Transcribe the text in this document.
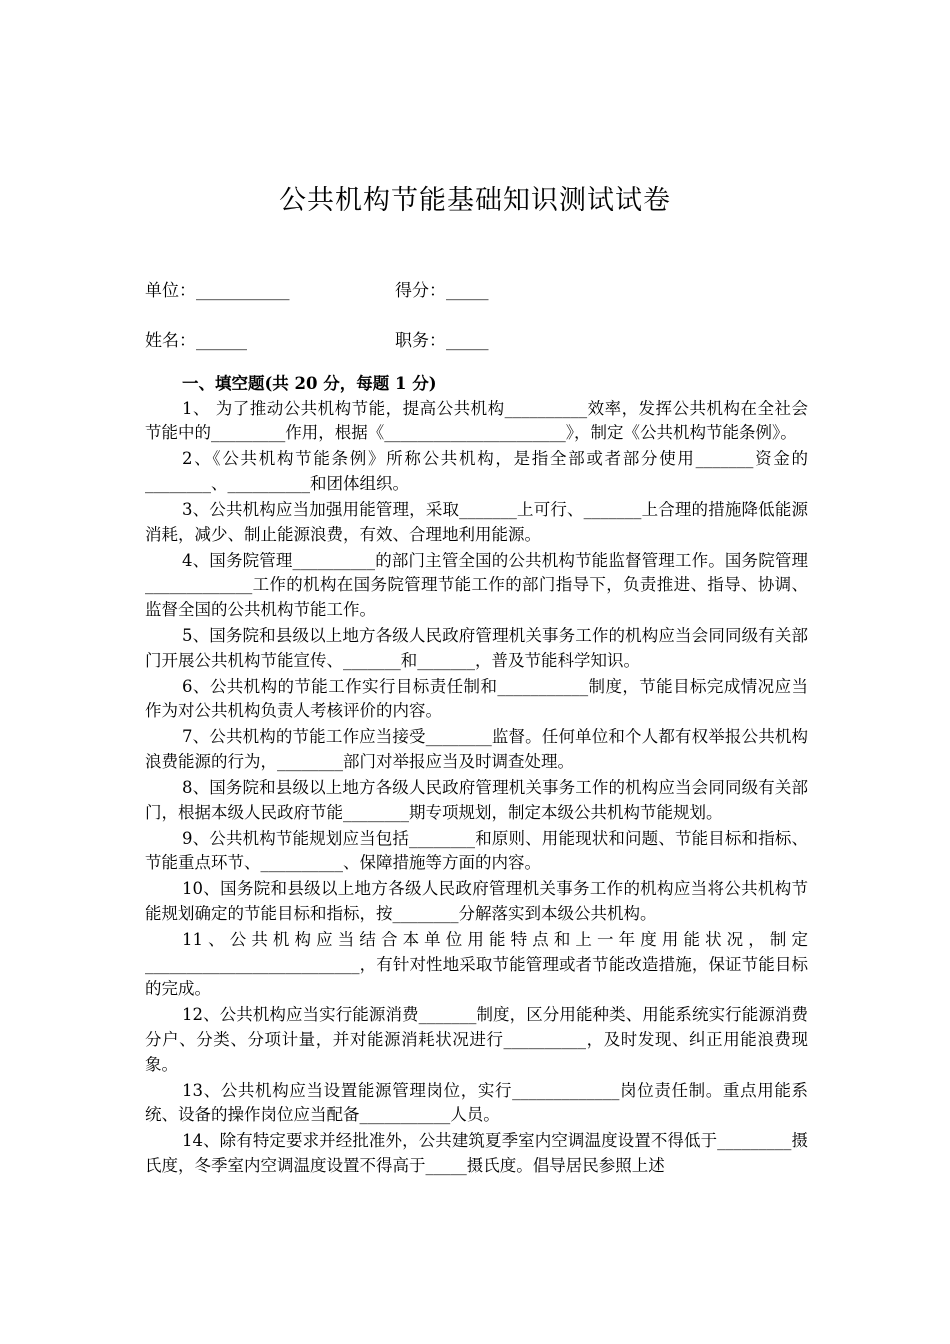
公共机构节能基础知识测试试卷
单位：___________	得分：_____
姓名：______	职务：_____

一、填空题(共 20 分，每题 1 分)

1、 为了推动公共机构节能，提高公共机构__________效率，发挥公共机构在全社会节能中的_________作用，根据《______________________》，制定《公共机构节能条例》。

2、《公共机构节能条例》所称公共机构，是指全部或者部分使用_______资金的________、__________和团体组织。

3、公共机构应当加强用能管理，采取_______上可行、_______上合理的措施降低能源消耗，减少、制止能源浪费，有效、合理地利用能源。

4、国务院管理__________的部门主管全国的公共机构节能监督管理工作。国务院管理_____________工作的机构在国务院管理节能工作的部门指导下，负责推进、指导、协调、监督全国的公共机构节能工作。

5、国务院和县级以上地方各级人民政府管理机关事务工作的机构应当会同同级有关部门开展公共机构节能宣传、_______和_______，普及节能科学知识。

6、公共机构的节能工作实行目标责任制和___________制度，节能目标完成情况应当作为对公共机构负责人考核评价的内容。

7、公共机构的节能工作应当接受________监督。任何单位和个人都有权举报公共机构浪费能源的行为，________部门对举报应当及时调查处理。

8、国务院和县级以上地方各级人民政府管理机关事务工作的机构应当会同同级有关部门，根据本级人民政府节能________期专项规划，制定本级公共机构节能规划。

9、公共机构节能规划应当包括________和原则、用能现状和问题、节能目标和指标、节能重点环节、__________、保障措施等方面的内容。

10、国务院和县级以上地方各级人民政府管理机关事务工作的机构应当将公共机构节能规划确定的节能目标和指标，按________分解落实到本级公共机构。

11、公共机构应当结合本单位用能特点和上一年度用能状况，制定__________________________，有针对性地采取节能管理或者节能改造措施，保证节能目标的完成。

12、公共机构应当实行能源消费_______制度，区分用能种类、用能系统实行能源消费分户、分类、分项计量，并对能源消耗状况进行__________，及时发现、纠正用能浪费现象。

13、公共机构应当设置能源管理岗位，实行_____________岗位责任制。重点用能系统、设备的操作岗位应当配备___________人员。

14、除有特定要求并经批准外，公共建筑夏季室内空调温度设置不得低于_________摄氏度，冬季室内空调温度设置不得高于_____摄氏度。倡导居民参照上述
